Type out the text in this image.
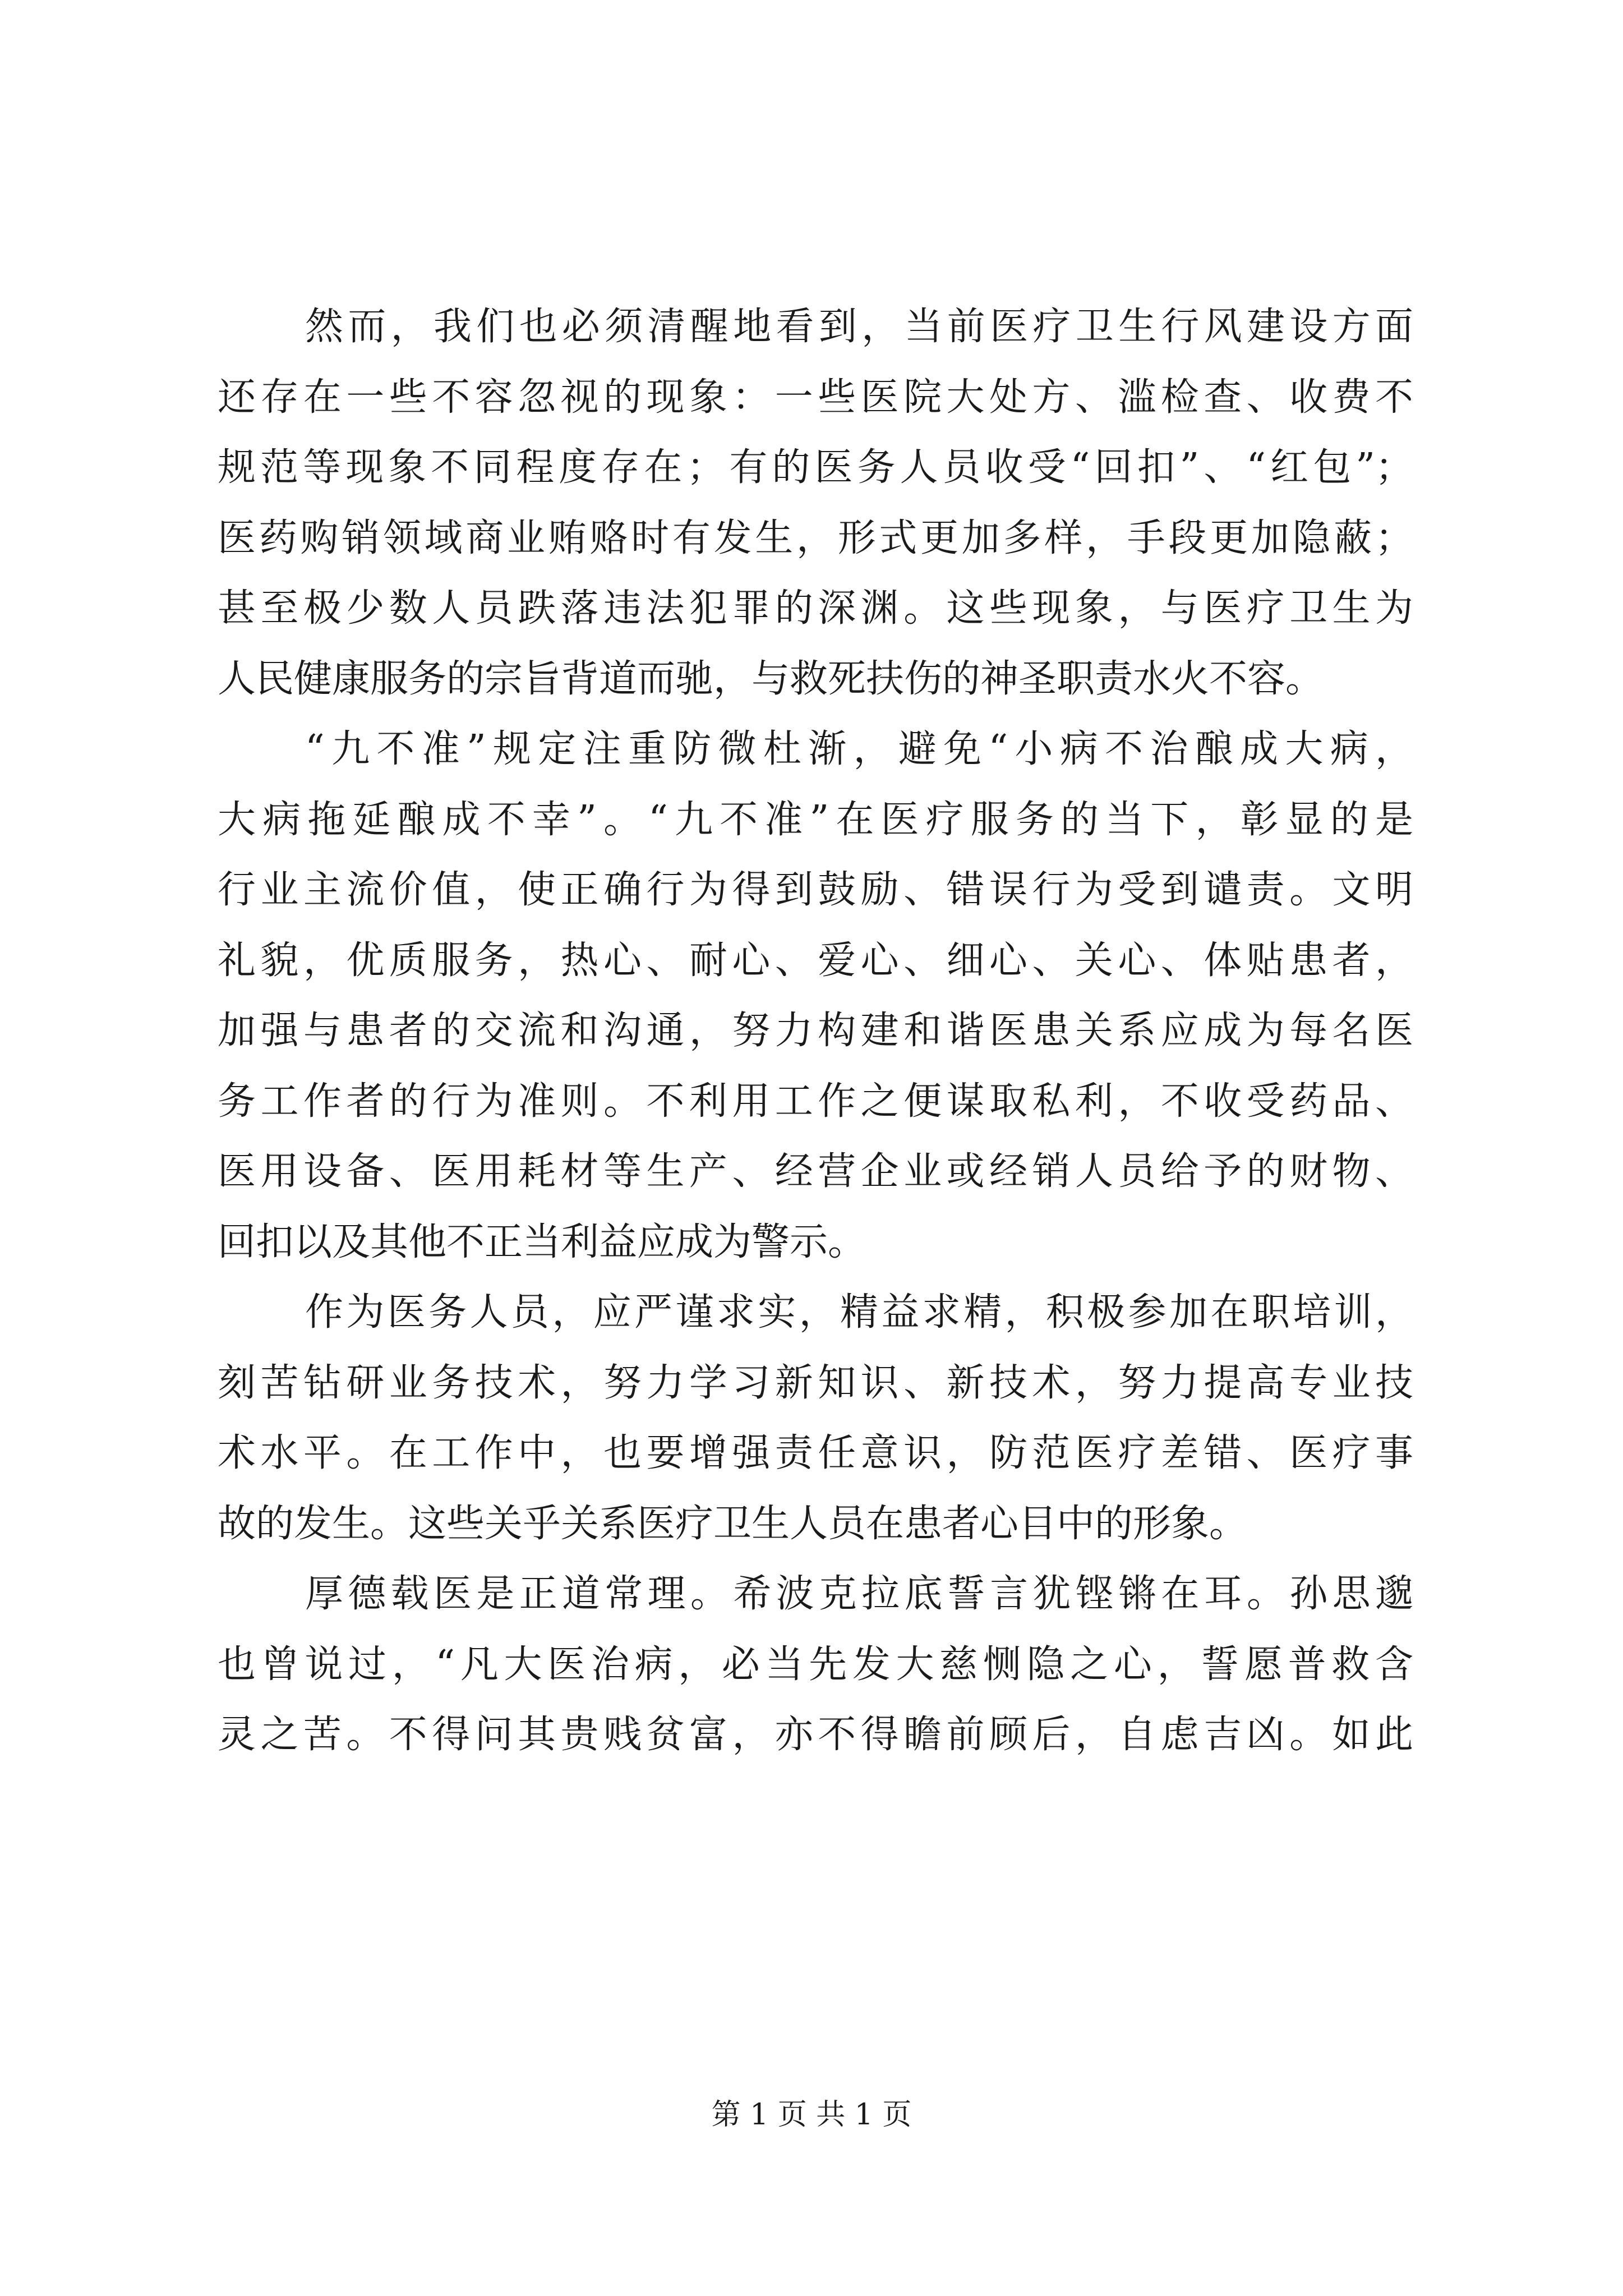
然而，我们也必须清醒地看到，当前医疗卫生行风建设方面
还存在一些不容忽视的现象：一些医院大处方、滥检查、收费不
规范等现象不同程度存在；有的医务人员收受“回扣”、“红包”；
医药购销领域商业贿赂时有发生，形式更加多样，手段更加隐蔽；
甚至极少数人员跌落违法犯罪的深渊。这些现象，与医疗卫生为
人民健康服务的宗旨背道而驰，与救死扶伤的神圣职责水火不容。
“九不准”规定注重防微杜渐，避免“小病不治酿成大病，
大病拖延酿成不幸”。“九不准”在医疗服务的当下，彰显的是
行业主流价值，使正确行为得到鼓励、错误行为受到谴责。文明
礼貌，优质服务，热心、耐心、爱心、细心、关心、体贴患者，
加强与患者的交流和沟通，努力构建和谐医患关系应成为每名医
务工作者的行为准则。不利用工作之便谋取私利，不收受药品、
医用设备、医用耗材等生产、经营企业或经销人员给予的财物、
回扣以及其他不正当利益应成为警示。
作为医务人员，应严谨求实，精益求精，积极参加在职培训，
刻苦钻研业务技术，努力学习新知识、新技术，努力提高专业技
术水平。在工作中，也要增强责任意识，防范医疗差错、医疗事
故的发生。这些关乎关系医疗卫生人员在患者心目中的形象。
厚德载医是正道常理。希波克拉底誓言犹铿锵在耳。孙思邈
也曾说过，“凡大医治病，必当先发大慈恻隐之心，誓愿普救含
灵之苦。不得问其贵贱贫富，亦不得瞻前顾后，自虑吉凶。如此
第 1 页 共 1 页
